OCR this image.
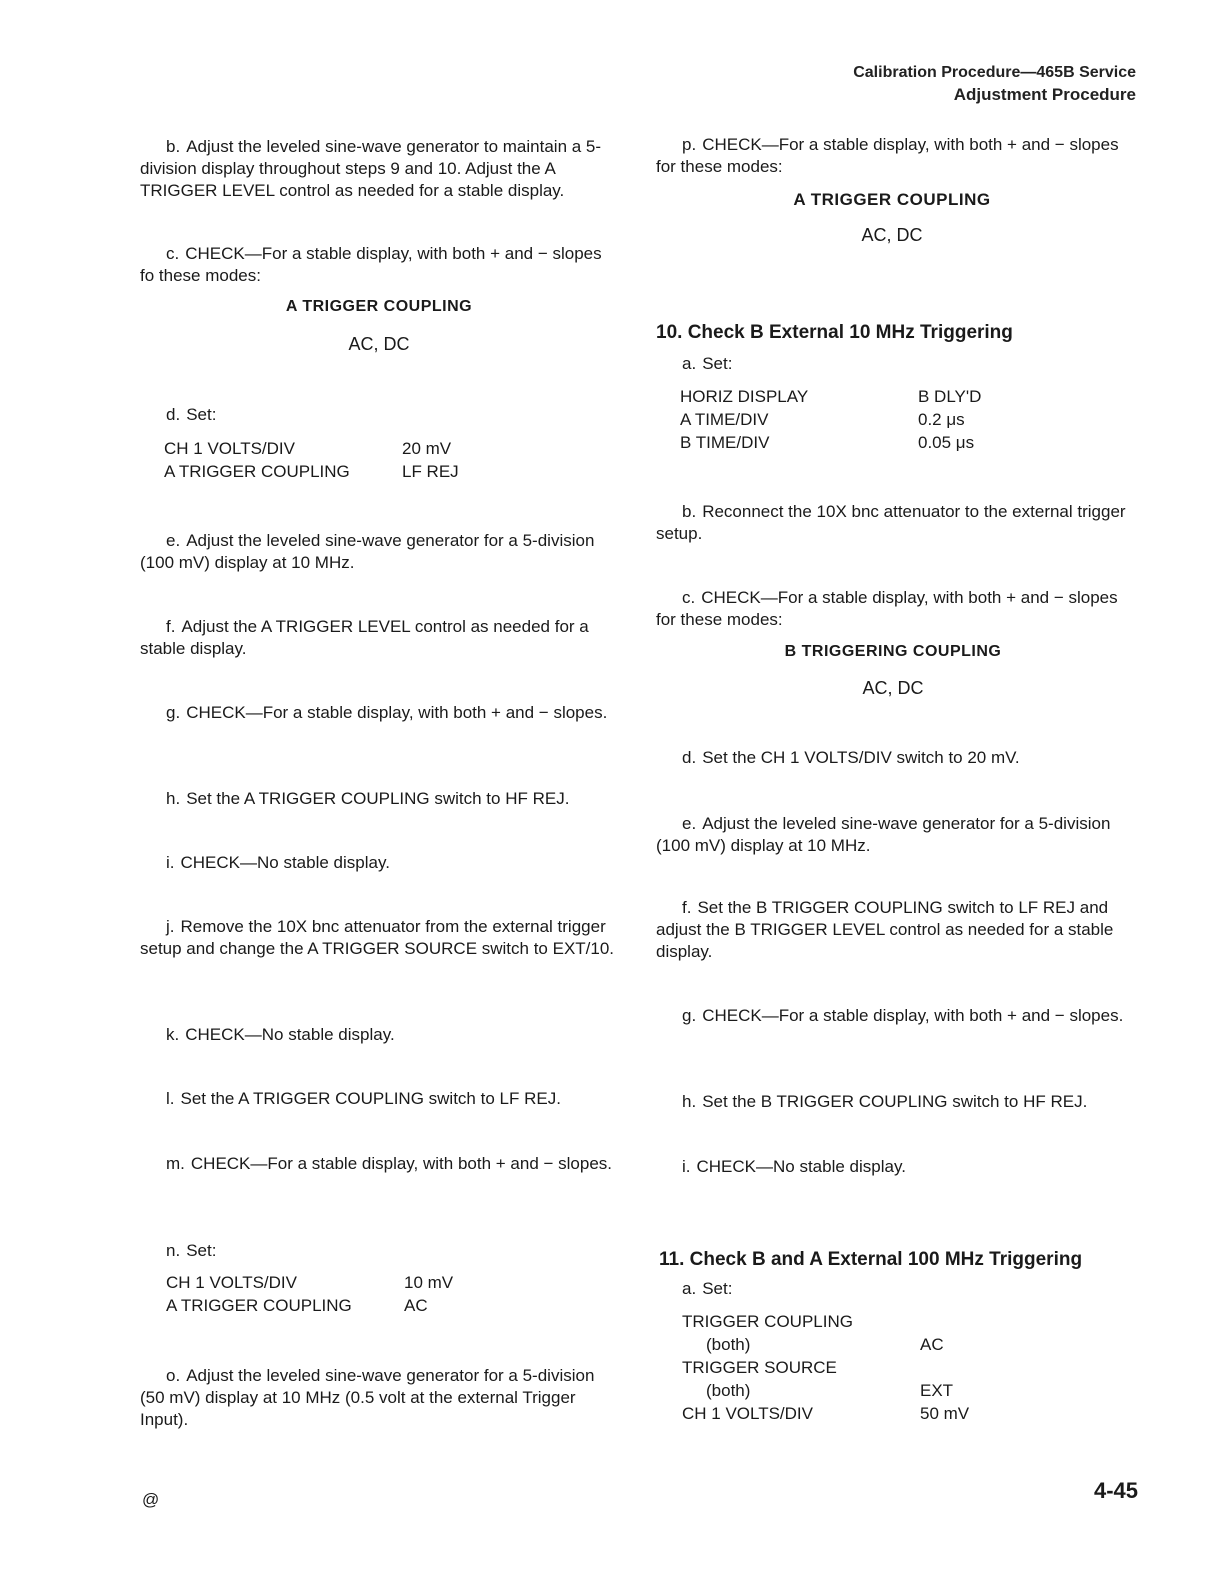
Calibration Procedure—465B Service
Adjustment Procedure
b. Adjust the leveled sine-wave generator to maintain a 5-division display throughout steps 9 and 10. Adjust the A TRIGGER LEVEL control as needed for a stable display.
c. CHECK—For a stable display, with both + and − slopes fo these modes:
A TRIGGER COUPLING
AC, DC
d. Set:
CH 1 VOLTS/DIV	20 mV
A TRIGGER COUPLING	LF REJ
e. Adjust the leveled sine-wave generator for a 5-division (100 mV) display at 10 MHz.
f. Adjust the A TRIGGER LEVEL control as needed for a stable display.
g. CHECK—For a stable display, with both + and − slopes.
h. Set the A TRIGGER COUPLING switch to HF REJ.
i. CHECK—No stable display.
j. Remove the 10X bnc attenuator from the external trigger setup and change the A TRIGGER SOURCE switch to EXT/10.
k. CHECK—No stable display.
l. Set the A TRIGGER COUPLING switch to LF REJ.
m. CHECK—For a stable display, with both + and − slopes.
n. Set:
CH 1 VOLTS/DIV	10 mV
A TRIGGER COUPLING	AC
o. Adjust the leveled sine-wave generator for a 5-division (50 mV) display at 10 MHz (0.5 volt at the external Trigger Input).
p. CHECK—For a stable display, with both + and − slopes for these modes:
A TRIGGER COUPLING
AC, DC
10. Check B External 10 MHz Triggering
a. Set:
HORIZ DISPLAY	B DLY'D
A TIME/DIV	0.2 μs
B TIME/DIV	0.05 μs
b. Reconnect the 10X bnc attenuator to the external trigger setup.
c. CHECK—For a stable display, with both + and − slopes for these modes:
B TRIGGERING COUPLING
AC, DC
d. Set the CH 1 VOLTS/DIV switch to 20 mV.
e. Adjust the leveled sine-wave generator for a 5-division (100 mV) display at 10 MHz.
f. Set the B TRIGGER COUPLING switch to LF REJ and adjust the B TRIGGER LEVEL control as needed for a stable display.
g. CHECK—For a stable display, with both + and − slopes.
h. Set the B TRIGGER COUPLING switch to HF REJ.
i. CHECK—No stable display.
11. Check B and A External 100 MHz Triggering
a. Set:
TRIGGER COUPLING
(both)	AC
TRIGGER SOURCE
(both)	EXT
CH 1 VOLTS/DIV	50 mV
@	4-45
